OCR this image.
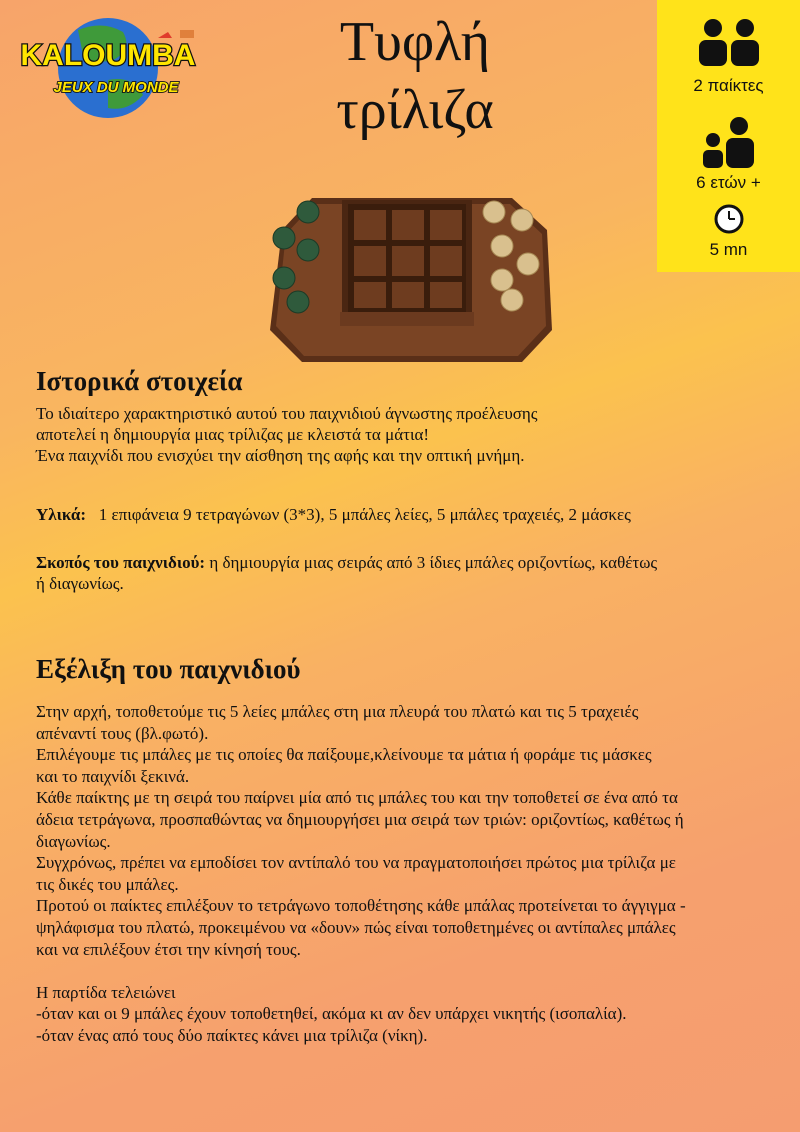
KALOUMBA
JEUX DU MONDE
Τυφλή
τρίλιζα	2 παίκτες
6 ετών +
5 mn
Ιστορικά στοιχεία
Το ιδιαίτερο χαρακτηριστικό αυτού του παιχνιδιού άγνωστης προέλευσης
αποτελεί η δημιουργία μιας τρίλιζας με κλειστά τα μάτια!
Ένα παιχνίδι που ενισχύει την αίσθηση της αφής και την οπτική μνήμη.
Υλικά: 1 επιφάνεια 9 τετραγώνων (3*3), 5 μπάλες λείες, 5 μπάλες τραχειές, 2 μάσκες
Σκοπός του παιχνιδιού: η δημιουργία μιας σειράς από 3 ίδιες μπάλες οριζοντίως, καθέτως
ή διαγωνίως.
Εξέλιξη του παιχνιδιού
Στην αρχή, τοποθετούμε τις 5 λείες μπάλες στη μια πλευρά του πλατώ και τις 5 τραχειές
απέναντί τους (βλ.φωτό).
Επιλέγουμε τις μπάλες με τις οποίες θα παίξουμε,κλείνουμε τα μάτια ή φοράμε τις μάσκες
και το παιχνίδι ξεκινά.
Κάθε παίκτης με τη σειρά του παίρνει μία από τις μπάλες του και την τοποθετεί σε ένα από τα
άδεια τετράγωνα, προσπαθώντας να δημιουργήσει μια σειρά των τριών: οριζοντίως, καθέτως ή
διαγωνίως.
Συγχρόνως, πρέπει να εμποδίσει τον αντίπαλό του να πραγματοποιήσει πρώτος μια τρίλιζα με
τις δικές του μπάλες.
Προτού οι παίκτες επιλέξουν το τετράγωνο τοποθέτησης κάθε μπάλας προτείνεται το άγγιγμα -
ψηλάφισμα του πλατώ, προκειμένου να «δουν» πώς είναι τοποθετημένες οι αντίπαλες μπάλες
και να επιλέξουν έτσι την κίνησή τους.
Η παρτίδα τελειώνει
-όταν και οι 9 μπάλες έχουν τοποθετηθεί, ακόμα κι αν δεν υπάρχει νικητής (ισοπαλία).
-όταν ένας από τους δύο παίκτες κάνει μια τρίλιζα (νίκη).
